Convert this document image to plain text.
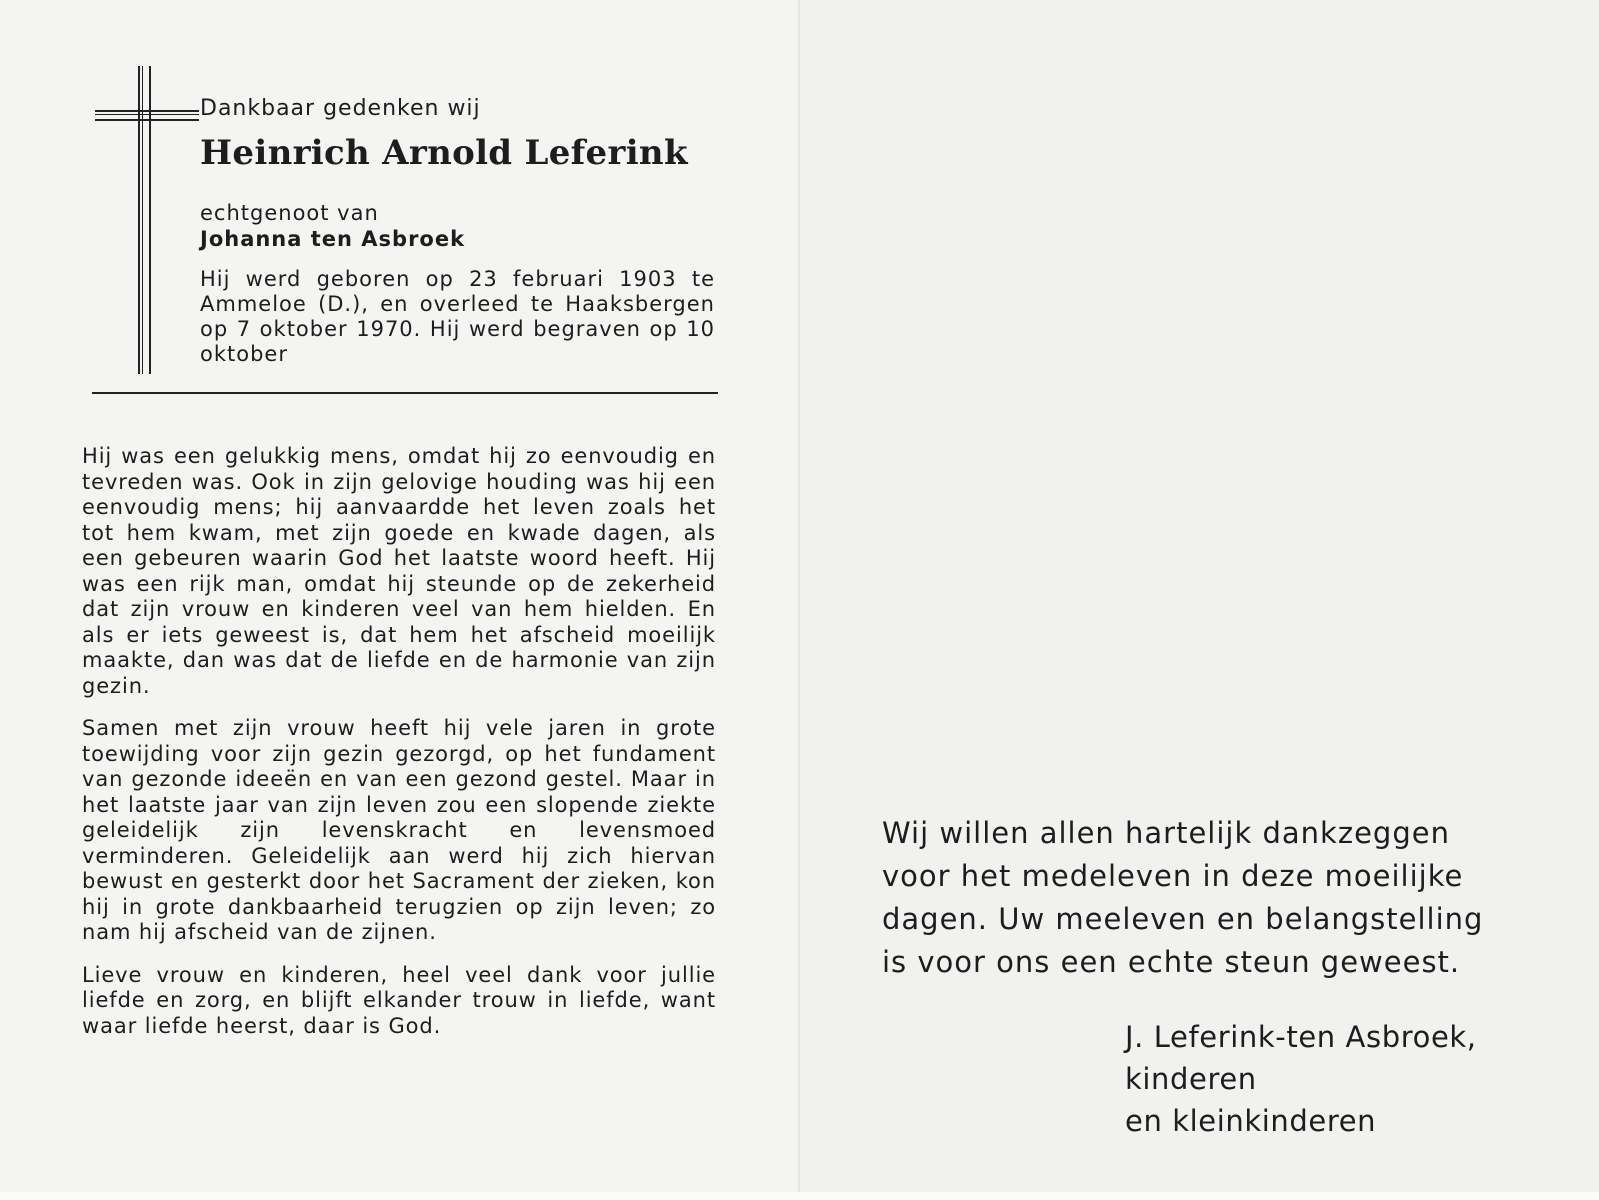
Dankbaar gedenken wij

Heinrich Arnold Leferink

echtgenoot van

Johanna ten Asbroek

Hij werd geboren op 23 februari 1903 te Ammeloe (D.), en overleed te Haaksbergen op 7 oktober 1970. Hij werd begraven op 10 oktober

Hij was een gelukkig mens, omdat hij zo eenvoudig en tevreden was. Ook in zijn gelovige houding was hij een eenvoudig mens; hij aanvaardde het leven zoals het tot hem kwam, met zijn goede en kwade dagen, als een gebeuren waarin God het laatste woord heeft. Hij was een rijk man, omdat hij steunde op de zekerheid dat zijn vrouw en kinderen veel van hem hielden. En als er iets geweest is, dat hem het afscheid moeilijk maakte, dan was dat de liefde en de harmonie van zijn gezin.

Samen met zijn vrouw heeft hij vele jaren in grote toewijding voor zijn gezin gezorgd, op het fundament van gezonde ideeën en van een gezond gestel. Maar in het laatste jaar van zijn leven zou een slopende ziekte geleidelijk zijn levenskracht en levensmoed verminderen. Geleidelijk aan werd hij zich hiervan bewust en gesterkt door het Sacrament der zieken, kon hij in grote dankbaarheid terugzien op zijn leven; zo nam hij afscheid van de zijnen.

Lieve vrouw en kinderen, heel veel dank voor jullie liefde en zorg, en blijft elkander trouw in liefde, want waar liefde heerst, daar is God.

Wij willen allen hartelijk dankzeggen voor het medeleven in deze moeilijke dagen. Uw meeleven en belangstelling is voor ons een echte steun geweest.

J. Leferink-ten Asbroek,
kinderen
en kleinkinderen
